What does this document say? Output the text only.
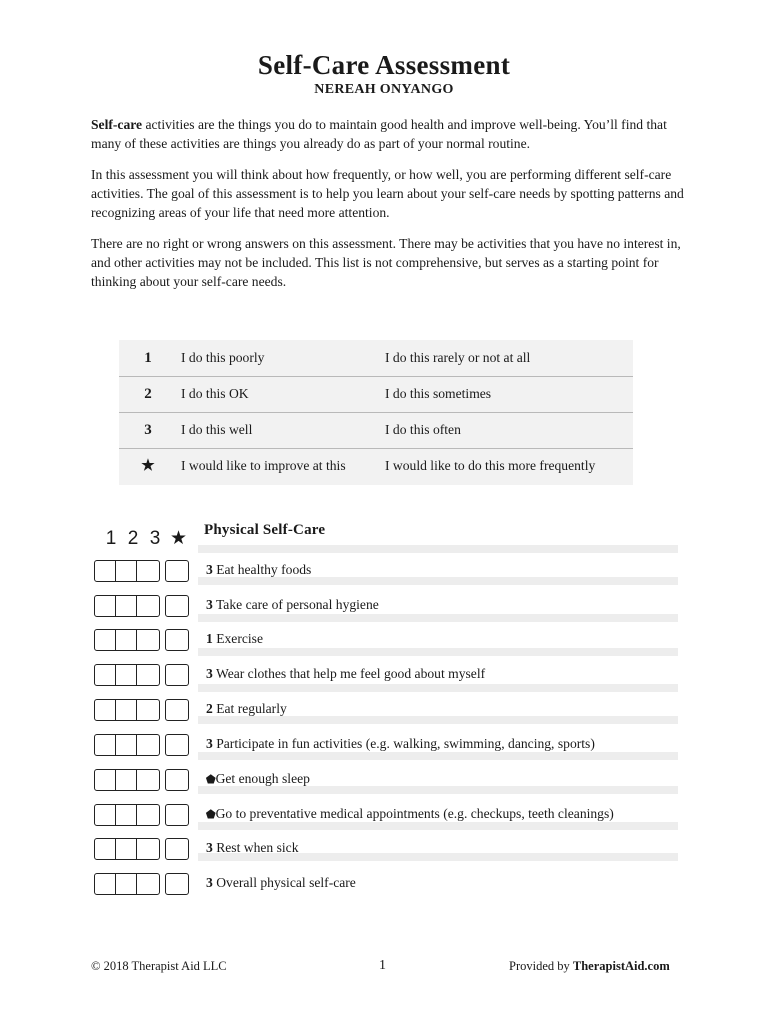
Self-Care Assessment
NEREAH ONYANGO
Self-care activities are the things you do to maintain good health and improve well-being. You’ll find that many of these activities are things you already do as part of your normal routine.
In this assessment you will think about how frequently, or how well, you are performing different self-care activities. The goal of this assessment is to help you learn about your self-care needs by spotting patterns and recognizing areas of your life that need more attention.
There are no right or wrong answers on this assessment. There may be activities that you have no interest in, and other activities may not be included. This list is not comprehensive, but serves as a starting point for thinking about your self-care needs.
1	I do this poorly	I do this rarely or not at all
2	I do this OK	I do this sometimes
3	I do this well	I do this often
★	I would like to improve at this	I would like to do this more frequently
1 2 3 ★ Physical Self-Care
3 Eat healthy foods
3 Take care of personal hygiene
1 Exercise
3 Wear clothes that help me feel good about myself
2 Eat regularly
3 Participate in fun activities (e.g. walking, swimming, dancing, sports)
⬟Get enough sleep
⬟Go to preventative medical appointments (e.g. checkups, teeth cleanings)
3 Rest when sick
3 Overall physical self-care
© 2018 Therapist Aid LLC	1	Provided by TherapistAid.com
